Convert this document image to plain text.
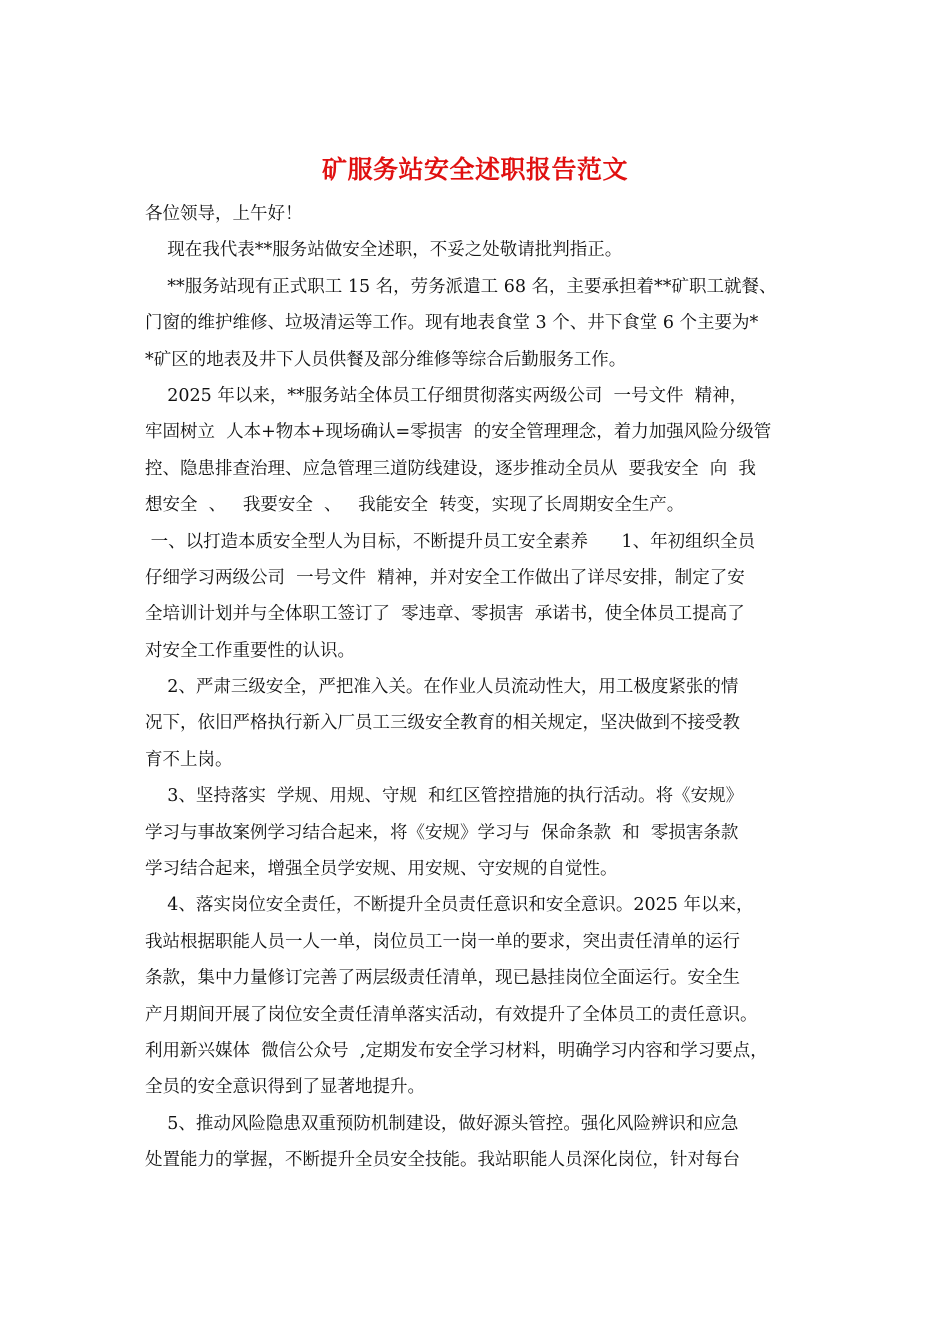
矿服务站安全述职报告范文
各位领导，上午好！
现在我代表**服务站做安全述职，不妥之处敬请批判指正。
**服务站现有正式职工 15 名，劳务派遣工 68 名，主要承担着**矿职工就餐、
门窗的维护维修、垃圾清运等工作。现有地表食堂 3 个、井下食堂 6 个主要为*
*矿区的地表及井下人员供餐及部分维修等综合后勤服务工作。
2025 年以来，**服务站全体员工仔细贯彻落实两级公司  一号文件  精神，
牢固树立  人本+物本+现场确认=零损害  的安全管理理念，着力加强风险分级管
控、隐患排查治理、应急管理三道防线建设，逐步推动全员从  要我安全  向  我
想安全  、   我要安全  、   我能安全  转变，实现了长周期安全生产。
一、以打造本质安全型人为目标，不断提升员工安全素养      1、年初组织全员
仔细学习两级公司  一号文件  精神，并对安全工作做出了详尽安排，制定了安
全培训计划并与全体职工签订了  零违章、零损害  承诺书，使全体员工提高了
对安全工作重要性的认识。
2、严肃三级安全，严把准入关。在作业人员流动性大，用工极度紧张的情
况下，依旧严格执行新入厂员工三级安全教育的相关规定，坚决做到不接受教
育不上岗。
3、坚持落实  学规、用规、守规  和红区管控措施的执行活动。将《安规》
学习与事故案例学习结合起来，将《安规》学习与  保命条款  和  零损害条款
学习结合起来，增强全员学安规、用安规、守安规的自觉性。
4、落实岗位安全责任，不断提升全员责任意识和安全意识。2025 年以来，
我站根据职能人员一人一单，岗位员工一岗一单的要求，突出责任清单的运行
条款，集中力量修订完善了两层级责任清单，现已悬挂岗位全面运行。安全生
产月期间开展了岗位安全责任清单落实活动，有效提升了全体员工的责任意识。
利用新兴媒体  微信公众号  ,定期发布安全学习材料，明确学习内容和学习要点，
全员的安全意识得到了显著地提升。
5、推动风险隐患双重预防机制建设，做好源头管控。强化风险辨识和应急
处置能力的掌握，不断提升全员安全技能。我站职能人员深化岗位，针对每台
